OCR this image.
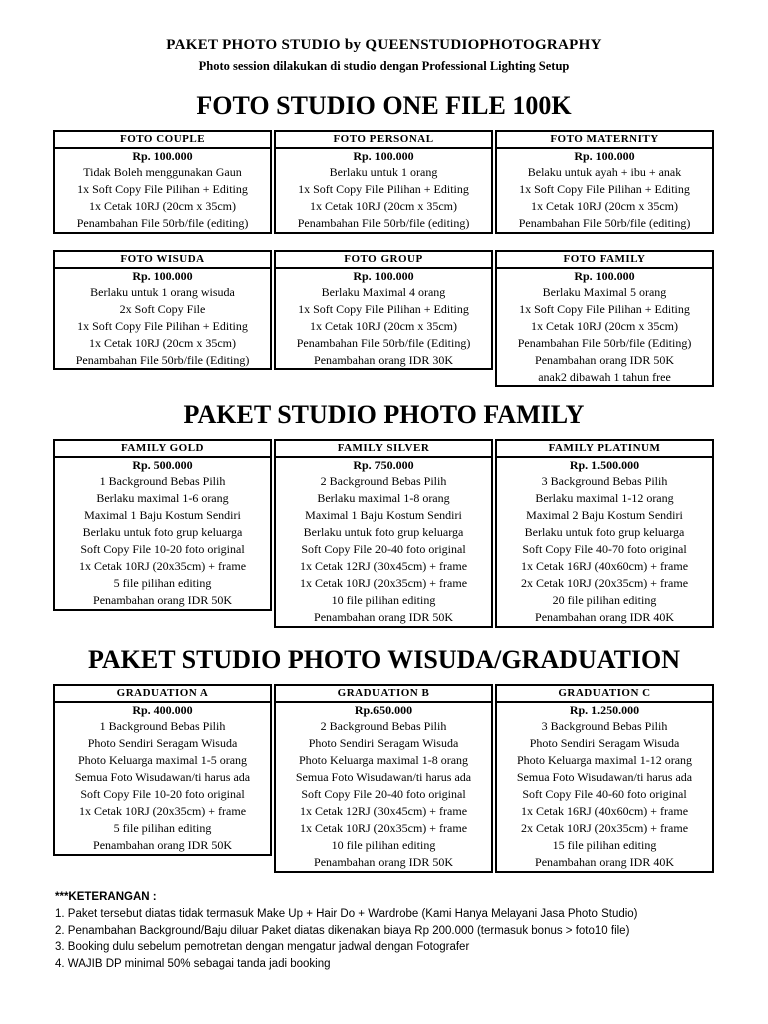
PAKET PHOTO STUDIO by QUEENSTUDIOPHOTOGRAPHY
Photo session dilakukan di studio dengan Professional Lighting Setup
FOTO STUDIO ONE FILE 100K
FOTO COUPLE
Rp. 100.000
Tidak Boleh menggunakan Gaun
1x Soft Copy File Pilihan + Editing
1x Cetak 10RJ (20cm x 35cm)
Penambahan File 50rb/file (editing)
FOTO PERSONAL
Rp. 100.000
Berlaku untuk 1 orang
1x Soft Copy File Pilihan + Editing
1x Cetak 10RJ (20cm x 35cm)
Penambahan File 50rb/file (editing)
FOTO MATERNITY
Rp. 100.000
Belaku untuk ayah + ibu + anak
1x Soft Copy File Pilihan + Editing
1x Cetak 10RJ (20cm x 35cm)
Penambahan File 50rb/file (editing)
FOTO WISUDA
Rp. 100.000
Berlaku untuk 1 orang wisuda
2x Soft Copy File
1x Soft Copy File Pilihan + Editing
1x Cetak 10RJ (20cm x 35cm)
Penambahan File 50rb/file (Editing)
FOTO GROUP
Rp. 100.000
Berlaku Maximal 4 orang
1x Soft Copy File Pilihan + Editing
1x Cetak 10RJ (20cm x 35cm)
Penambahan File 50rb/file (Editing)
Penambahan orang IDR 30K
FOTO FAMILY
Rp. 100.000
Berlaku Maximal 5 orang
1x Soft Copy File Pilihan + Editing
1x Cetak 10RJ (20cm x 35cm)
Penambahan File 50rb/file (Editing)
Penambahan orang IDR 50K
anak2 dibawah 1 tahun free
PAKET STUDIO PHOTO FAMILY
FAMILY GOLD
Rp. 500.000
1 Background Bebas Pilih
Berlaku maximal 1-6 orang
Maximal 1 Baju Kostum Sendiri
Berlaku untuk foto grup keluarga
Soft Copy File 10-20 foto original
1x Cetak 10RJ (20x35cm) + frame
5 file pilihan editing
Penambahan orang IDR 50K
FAMILY SILVER
Rp. 750.000
2 Background Bebas Pilih
Berlaku maximal 1-8 orang
Maximal 1 Baju Kostum Sendiri
Berlaku untuk foto grup keluarga
Soft Copy File 20-40 foto original
1x Cetak 12RJ (30x45cm) + frame
1x Cetak 10RJ (20x35cm) + frame
10 file pilihan editing
Penambahan orang IDR 50K
FAMILY PLATINUM
Rp. 1.500.000
3 Background Bebas Pilih
Berlaku maximal 1-12 orang
Maximal 2 Baju Kostum Sendiri
Berlaku untuk foto grup keluarga
Soft Copy File 40-70 foto original
1x Cetak 16RJ (40x60cm) + frame
2x Cetak 10RJ (20x35cm) + frame
20 file pilihan editing
Penambahan orang IDR 40K
PAKET STUDIO PHOTO WISUDA/GRADUATION
GRADUATION A
Rp. 400.000
1 Background Bebas Pilih
Photo Sendiri Seragam Wisuda
Photo Keluarga maximal 1-5 orang
Semua Foto Wisudawan/ti harus ada
Soft Copy File 10-20 foto original
1x Cetak 10RJ (20x35cm) + frame
5 file pilihan editing
Penambahan orang IDR 50K
GRADUATION B
Rp.650.000
2 Background Bebas Pilih
Photo Sendiri Seragam Wisuda
Photo Keluarga maximal 1-8 orang
Semua Foto Wisudawan/ti harus ada
Soft Copy File 20-40 foto original
1x Cetak 12RJ (30x45cm) + frame
1x Cetak 10RJ (20x35cm) + frame
10 file pilihan editing
Penambahan orang IDR 50K
GRADUATION C
Rp. 1.250.000
3 Background Bebas Pilih
Photo Sendiri Seragam Wisuda
Photo Keluarga maximal 1-12 orang
Semua Foto Wisudawan/ti harus ada
Soft Copy File 40-60 foto original
1x Cetak 16RJ (40x60cm) + frame
2x Cetak 10RJ (20x35cm) + frame
15 file pilihan editing
Penambahan orang IDR 40K
***KETERANGAN :
1. Paket tersebut diatas tidak termasuk Make Up + Hair Do + Wardrobe (Kami Hanya Melayani Jasa Photo Studio)
2. Penambahan Background/Baju diluar Paket diatas dikenakan biaya Rp 200.000 (termasuk bonus > foto10 file)
3. Booking dulu sebelum pemotretan dengan mengatur jadwal dengan Fotografer
4. WAJIB DP minimal 50% sebagai tanda jadi booking
